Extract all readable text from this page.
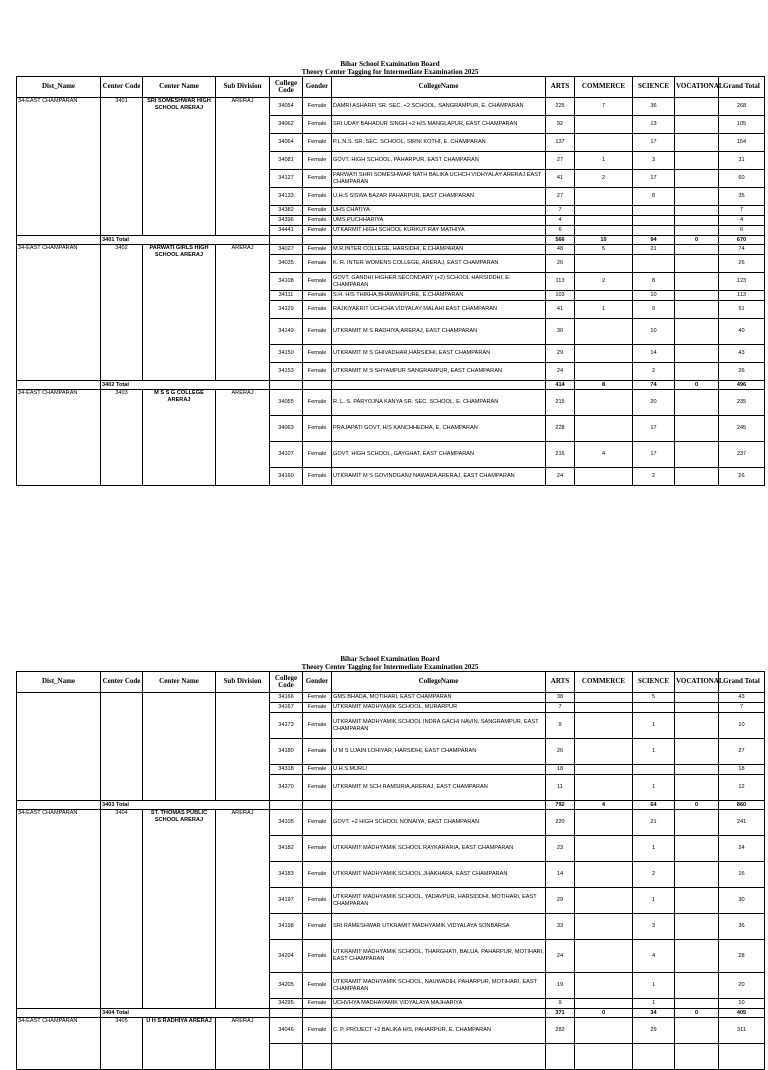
Bihar School Examination Board
Theory Center Tagging for Intermediate Examination 2025
Dist_Name	Center Code	Center Name	Sub Division	College Code	Gender	CollegeName	ARTS	COMMERCE	SCIENCE	VOCATIONAL	Grand Total
34-EAST CHAMPARAN	3401	SRI SOMESHWAR HIGH SCHOOL ARERAJ	ARERAJ	34054	Female	DAMRI ASHARFI SR. SEC. +2 SCHOOL, SANGRAMPUR, E. CHAMPARAN	225	7	36		268
				34062	Female	SRI UDAY BAHADUR SINGH +2 H/S MANGLAPUR, EAST CHAMPARAN	92		13		105
				34064	Female	P.L.N.S. SR. SEC. SCHOOL, SIRNI KOTHI, E. CHAMPARAN	137		17		154
				34081	Female	GOVT. HIGH SCHOOL, PAHARPUR, EAST CHAMPARAN	27	1	3		31
				34127	Female	PARWATI SHRI SOMESHWAR NATH BALIKA UCHCH VIDHYALAY ARERAJ EAST CHAMPARAN	41	2	17		60
				34133	Female	U.H.S SISWA BAZAR PAHARPUR, EAST CHAMPARAN	27		8		35
				34382	Female	UHS CHATIYA	7				7
				34396	Female	UMS PUCHHARIYA	4				4
				34441	Female	UTKARMIT HIGH SCHOOL KURKUT RAY MATHIYA	6				6
	3401 Total						566	10	94	0	670
34-EAST CHAMPARAN	3402	PARWATI GIRLS HIGH SCHOOL ARERAJ	ARERAJ	34027	Female	M.R.INTER COLLEGE, HARSIDHI, E.CHAMPARAN	48	5	21		74
				34035	Female	K. R. INTER WOMENS COLLEGE, ARERAJ, EAST CHAMPARAN	26				26
				34108	Female	GOVT. GANDHI HIGHER SECONDARY (+2) SCHOOL HARSIDDHI, E. CHAMPARAN	113	2	8		123
				34111	Female	S.H. H/S THIKHA,BHAWANIPURE, E.CHAMPARAN	103		10		113
				34129	Female	RAJKIYAKRIT UCHCHA VIDYALAY MALAHI EAST CHAMPARAN	41	1	9		51
				34149	Female	UTKRAMIT M S RADHIYA,ARERAJ, EAST CHAMPARAN	30		10		40
				34150	Female	UTKRAMIT M S GHIVADHAR,HARSIDHI, EAST CHAMPARAN	29		14		43
				34153	Female	UTKRAMIT M S SHYAMPUR SANGRAMPUR, EAST CHAMPARAN	24		2		26
	3402 Total						414	8	74	0	496
34-EAST CHAMPARAN	3403	M S S G COLLEGE ARERAJ	ARERAJ	34055	Female	R. L. S. PARYOJNA KANYA SR. SEC. SCHOOL, E. CHAMPARAN	215		20		235
				34063	Female	PRAJAPATI GOVT. H/S KANCHHEDHA, E. CHAMPARAN	228		17		245
				34107	Female	GOVT. HIGH SCHOOL, GAYGHAT, EAST CHAMPARAN	216	4	17		237
				34160	Female	UTKRAMIT M S GOVINDGANJ NAWADA ARERAJ, EAST CHAMPARAN	24		2		26
Bihar School Examination Board
Theory Center Tagging for Intermediate Examination 2025
Dist_Name	Center Code	Center Name	Sub Division	College Code	Gender	CollegeName	ARTS	COMMERCE	SCIENCE	VOCATIONAL	Grand Total
				34166	Female	GMS BHADA, MOTIHARI, EAST CHAMPARAN	38		5		43
				34167	Female	UTKRAMIT MADHYAMIK SCHOOL, MURARPUR	7				7
				34173	Female	UTKRAMIT MADHYAMIK SCHOOL INDRA GACHI NAVIN, SANGRAMPUR, EAST CHAMPARAN	9		1		10
				34180	Female	U M S UJAIN LOHIYAR, HARSIDHI, EAST CHAMPARAN	26		1		27
				34318	Female	U.H.S.MURLI	18				18
				34370	Female	UTKRAMIT M SCH RAMSIRIA,ARERAJ, EAST CHAMPARAN	11		1		12
	3403 Total						792	4	64	0	860
34-EAST CHAMPARAN	3404	ST. THOMAS PUBLIC SCHOOL ARERAJ	ARERAJ	34105	Female	GOVT. +2 HIGH SCHOOL NONAIYA, EAST CHAMPARAN	220		21		241
				34182	Female	UTKRAMIT MADHYAMIK SCHOOL RAYKARARIA, EAST CHAMPARAN	23		1		24
				34183	Female	UTKRAMIT MADHYAMIK SCHOOL JHAKHARA, EAST CHAMPARAN	14		2		16
				34197	Female	UTKRAMIT MADHYAMIK SCHOOL, YADAVPUR, HARSIDDHI, MOTIHARI, EAST CHAMPARAN	29		1		30
				34198	Female	SRI RAMESHWAR UTKRAMIT MADHYAMIK VIDYALAYA SONBARSA	33		3		36
				34204	Female	UTKRAMIT MADHYAMIK SCHOOL, THARGHATI, BALUA, PAHARPUR, MOTIHARI, EAST CHAMPARAN	24		4		28
				34205	Female	UTKRAMIT MADHYAMIK SCHOOL, NAUWADIH, PAHARPUR, MOTIHARI, EAST CHAMPARAN	19		1		20
				34295	Female	UCHVHYA MADHAYAMIK VIDYALAYA MAJHARIYA	9		1		10
	3404 Total						371	0	34	0	405
34-EAST CHAMPARAN	3405	U H S RADHIYA ARERAJ	ARERAJ	34046	Female	C. P. PROJECT +2 BALIKA H/S, PAHARPUR, E. CHAMPARAN	282		29		311
